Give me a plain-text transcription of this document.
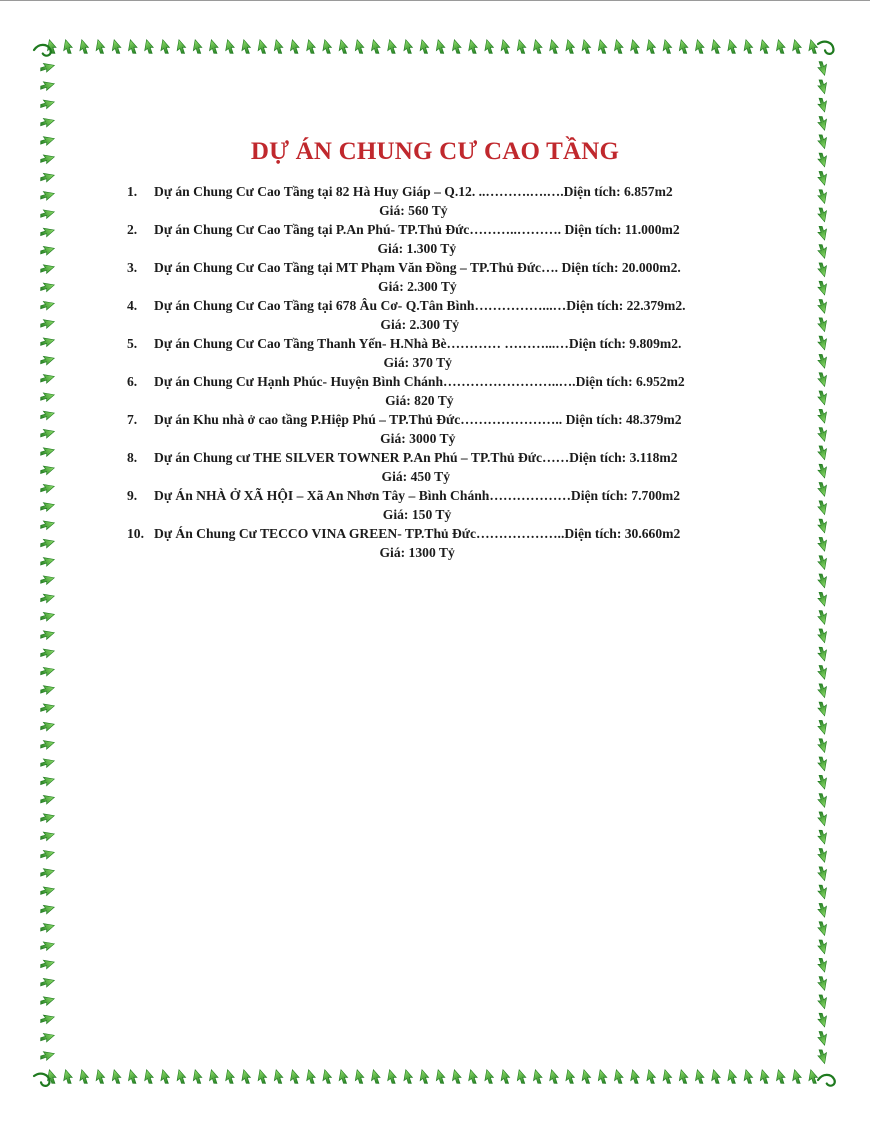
DỰ ÁN CHUNG CƯ CAO TẦNG
1.	Dự án Chung Cư Cao Tầng tại 82 Hà Huy Giáp – Q.12. ..……….….….Diện tích: 6.857m2
Giá: 560 Tỷ
2.	Dự án Chung Cư Cao Tầng tại P.An Phú- TP.Thủ Đức………..………. Diện tích: 11.000m2
Giá: 1.300 Tỷ
3.	Dự án Chung Cư Cao Tầng tại MT Phạm Văn Đồng – TP.Thủ Đức…. Diện tích: 20.000m2.
Giá: 2.300 Tỷ
4.	Dự án Chung Cư Cao Tầng tại 678 Âu Cơ- Q.Tân Bình……………...…Diện tích: 22.379m2.
Giá: 2.300 Tỷ
5.	Dự án Chung Cư Cao Tầng Thanh Yến- H.Nhà Bè………… ………...…Diện tích: 9.809m2.
Giá: 370 Tỷ
6.	Dự án Chung Cư Hạnh Phúc- Huyện Bình Chánh……………………..….Diện tích: 6.952m2
Giá: 820 Tỷ
7.	Dự án Khu nhà ở cao tầng P.Hiệp Phú – TP.Thủ Đức………………….. Diện tích: 48.379m2
Giá: 3000 Tỷ
8.	Dự án Chung cư THE SILVER TOWNER P.An Phú – TP.Thủ Đức……Diện tích: 3.118m2
Giá: 450 Tỷ
9.	Dự Án NHÀ Ở XÃ HỘI – Xã An Nhơn Tây – Bình Chánh………………Diện tích: 7.700m2
Giá: 150 Tỷ
10. Dự Án Chung Cư TECCO VINA GREEN- TP.Thủ Đức………………..Diện tích: 30.660m2
Giá: 1300 Tỷ
